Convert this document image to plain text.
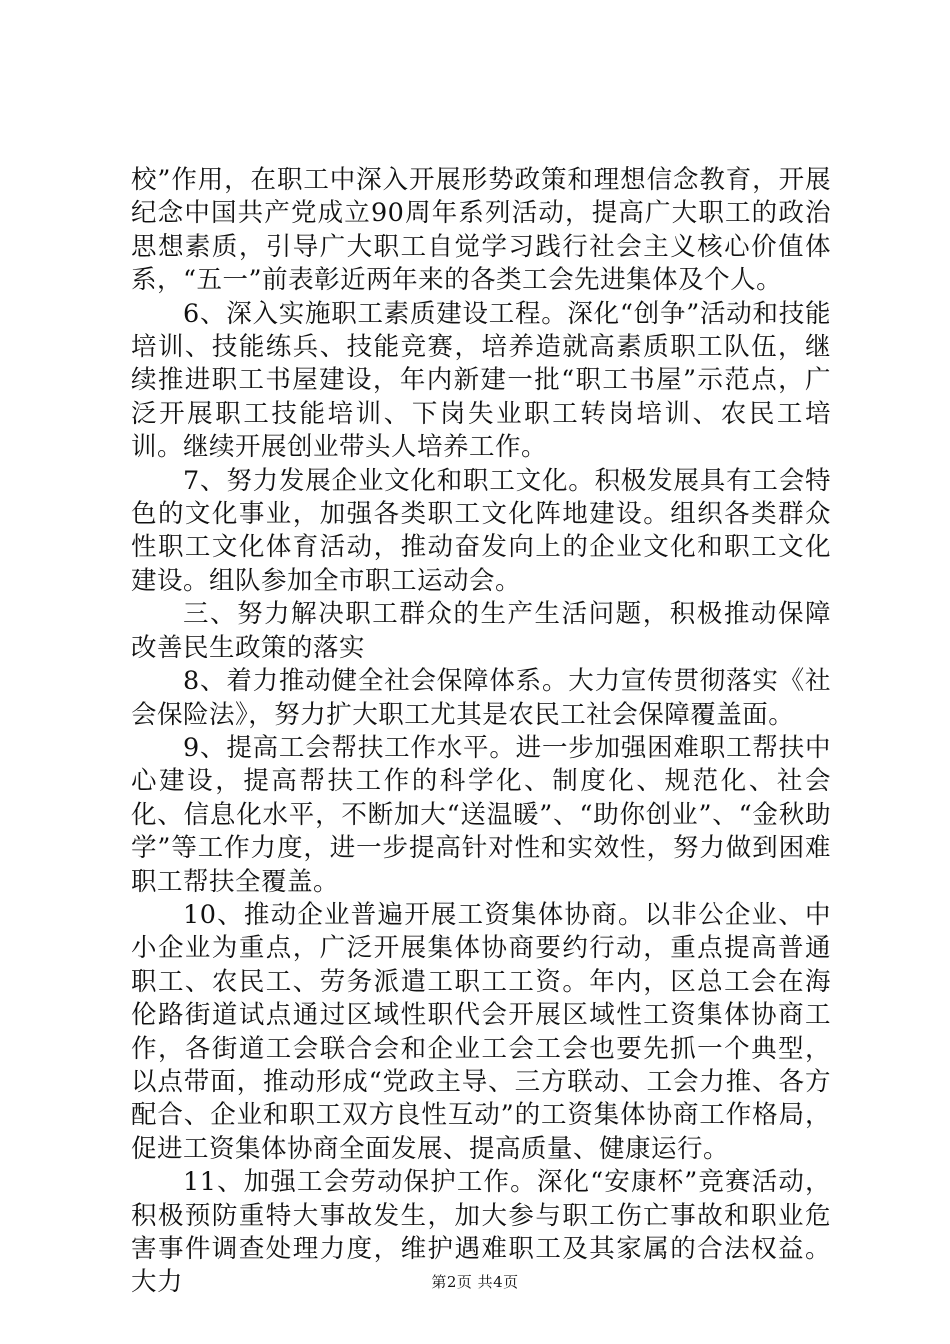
校”作用，在职工中深入开展形势政策和理想信念教育，开展纪念中国共产党成立90周年系列活动，提高广大职工的政治思想素质，引导广大职工自觉学习践行社会主义核心价值体系，“五一”前表彰近两年来的各类工会先进集体及个人。

6、深入实施职工素质建设工程。深化“创争”活动和技能培训、技能练兵、技能竞赛，培养造就高素质职工队伍，继续推进职工书屋建设，年内新建一批“职工书屋”示范点，广泛开展职工技能培训、下岗失业职工转岗培训、农民工培训。继续开展创业带头人培养工作。

7、努力发展企业文化和职工文化。积极发展具有工会特色的文化事业，加强各类职工文化阵地建设。组织各类群众性职工文化体育活动，推动奋发向上的企业文化和职工文化建设。组队参加全市职工运动会。

三、努力解决职工群众的生产生活问题，积极推动保障改善民生政策的落实

8、着力推动健全社会保障体系。大力宣传贯彻落实《社会保险法》，努力扩大职工尤其是农民工社会保障覆盖面。

9、提高工会帮扶工作水平。进一步加强困难职工帮扶中心建设，提高帮扶工作的科学化、制度化、规范化、社会化、信息化水平，不断加大“送温暖”、“助你创业”、“金秋助学”等工作力度，进一步提高针对性和实效性，努力做到困难职工帮扶全覆盖。

10、推动企业普遍开展工资集体协商。以非公企业、中小企业为重点，广泛开展集体协商要约行动，重点提高普通职工、农民工、劳务派遣工职工工资。年内，区总工会在海伦路街道试点通过区域性职代会开展区域性工资集体协商工作，各街道工会联合会和企业工会工会也要先抓一个典型，以点带面，推动形成“党政主导、三方联动、工会力推、各方配合、企业和职工双方良性互动”的工资集体协商工作格局，促进工资集体协商全面发展、提高质量、健康运行。

11、加强工会劳动保护工作。深化“安康杯”竞赛活动，积极预防重特大事故发生，加大参与职工伤亡事故和职业危害事件调查处理力度，维护遇难职工及其家属的合法权益。大力	第2页 共4页
